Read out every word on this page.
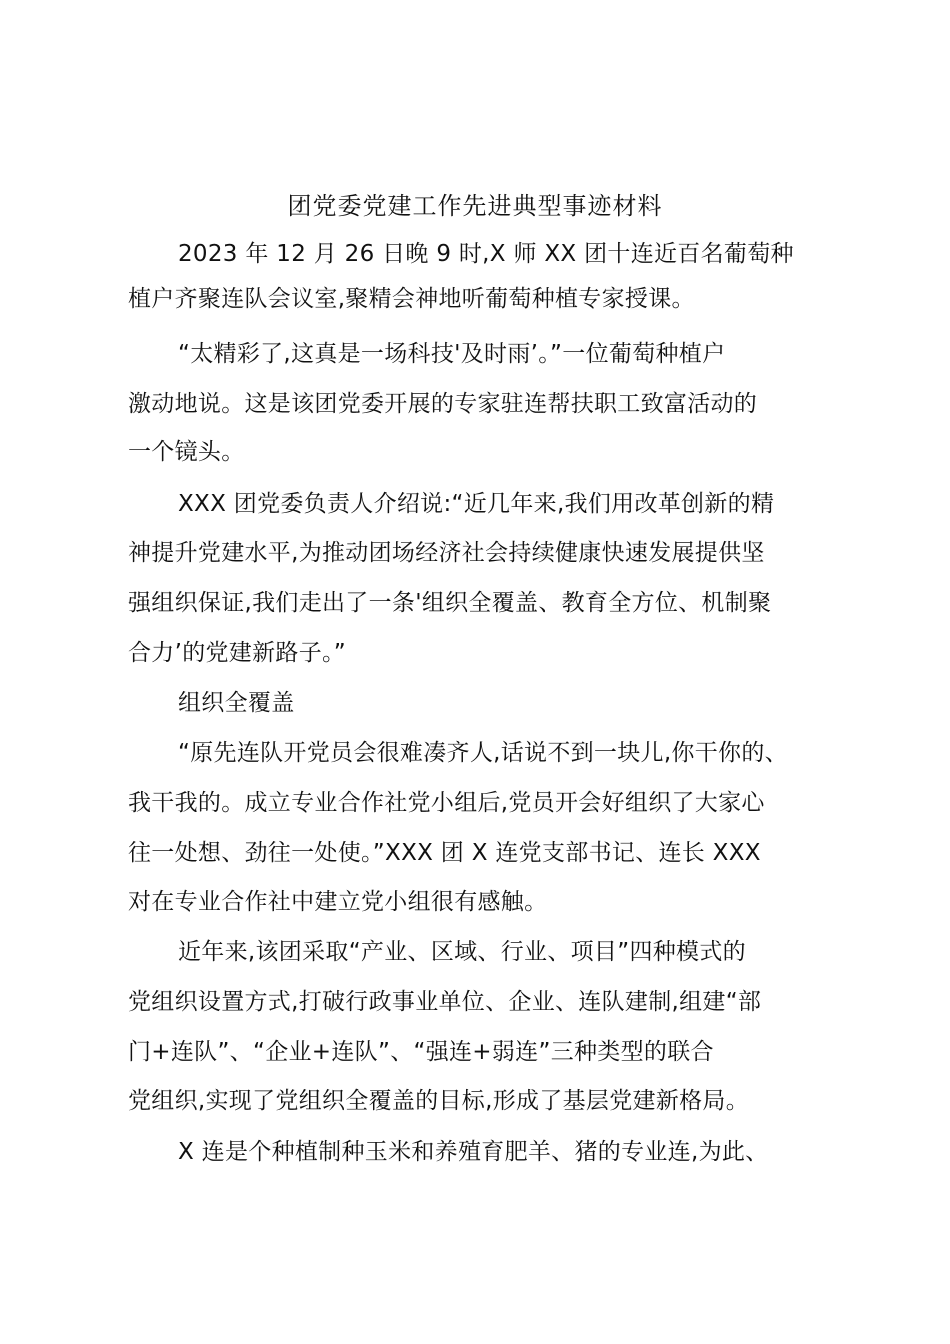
团党委党建工作先进典型事迹材料
2023 年 12 月 26 日晚 9 时,X 师 XX 团十连近百名葡萄种
植户齐聚连队会议室,聚精会神地听葡萄种植专家授课。
“太精彩了,这真是一场科技'及时雨’。”一位葡萄种植户
激动地说。这是该团党委开展的专家驻连帮扶职工致富活动的
一个镜头。
XXX 团党委负责人介绍说:“近几年来,我们用改革创新的精
神提升党建水平,为推动团场经济社会持续健康快速发展提供坚
强组织保证,我们走出了一条'组织全覆盖、教育全方位、机制聚
合力’的党建新路子。”
组织全覆盖
“原先连队开党员会很难凑齐人,话说不到一块儿,你干你的、
我干我的。成立专业合作社党小组后,党员开会好组织了大家心
往一处想、劲往一处使。”XXX 团 X 连党支部书记、连长 XXX
对在专业合作社中建立党小组很有感触。
近年来,该团采取“产业、区域、行业、项目”四种模式的
党组织设置方式,打破行政事业单位、企业、连队建制,组建“部
门+连队”、“企业+连队”、“强连+弱连”三种类型的联合
党组织,实现了党组织全覆盖的目标,形成了基层党建新格局。
X 连是个种植制种玉米和养殖育肥羊、猪的专业连,为此、
